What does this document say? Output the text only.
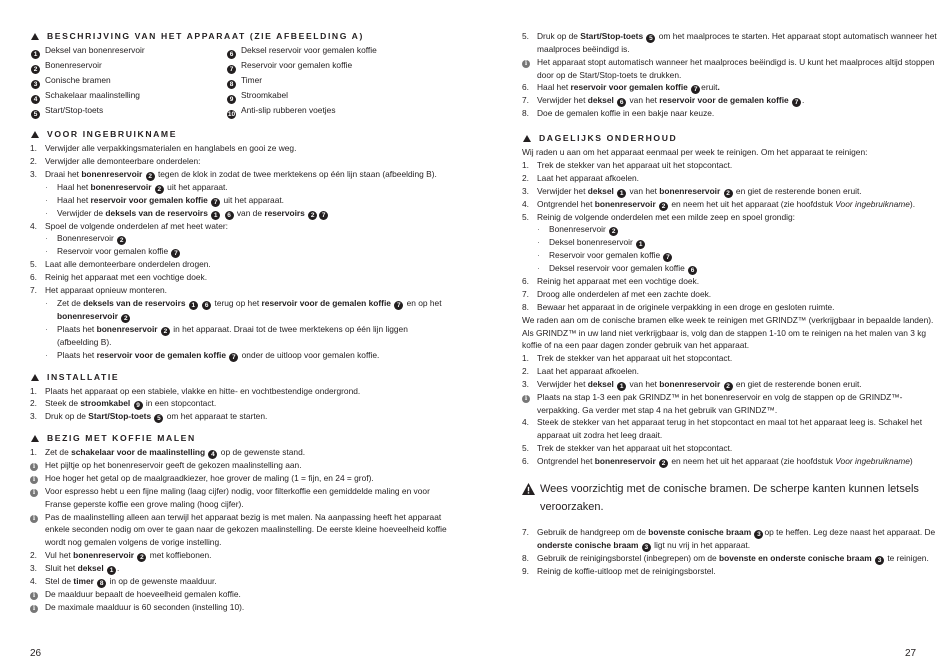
BESCHRIJVING VAN HET APPARAAT (ZIE AFBEELDING A)
1 Deksel van bonenreservoir	6 Deksel reservoir voor gemalen koffie
2 Bonenreservoir	7 Reservoir voor gemalen koffie
3 Conische bramen	8 Timer
4 Schakelaar maalinstelling	9 Stroomkabel
5 Start/Stop-toets	10 Anti-slip rubberen voetjes
VOOR INGEBRUIKNAME
1. Verwijder alle verpakkingsmaterialen en hanglabels en gooi ze weg.
2. Verwijder alle demonteerbare onderdelen:
3. Draai het bonenreservoir 2 tegen de klok in zodat de twee merktekens op één lijn staan (afbeelding B).
·	Haal het bonenreservoir 2 uit het apparaat.
·	Haal het reservoir voor gemalen koffie 7 uit het apparaat.
·	Verwijder de deksels van de reservoirs 1 6 van de reservoirs 2 7
4. Spoel de volgende onderdelen af met heet water:
·	Bonenreservoir 2
·	Reservoir voor gemalen koffie 7
5. Laat alle demonteerbare onderdelen drogen.
6. Reinig het apparaat met een vochtige doek.
7. Het apparaat opnieuw monteren.
·	Zet de deksels van de reservoirs 1 6 terug op het reservoir voor de gemalen koffie 7 en op het bonenreservoir 2
·	Plaats het bonenreservoir 2 in het apparaat. Draai tot de twee merktekens op één lijn liggen (afbeelding B).
·	Plaats het reservoir voor de gemalen koffie 7 onder de uitloop voor gemalen koffie.
INSTALLATIE
1. Plaats het apparaat op een stabiele, vlakke en hitte- en vochtbestendige ondergrond.
2. Steek de stroomkabel 9 in een stopcontact.
3. Druk op de Start/Stop-toets 5 om het apparaat te starten.
BEZIG MET KOFFIE MALEN
1. Zet de schakelaar voor de maalinstelling 4 op de gewenste stand.
i	Het pijltje op het bonenreservoir geeft de gekozen maalinstelling aan.
i	Hoe hoger het getal op de maalgraadkiezer, hoe grover de maling (1 = fijn, en 24 = grof).
i	Voor espresso hebt u een fijne maling (laag cijfer) nodig, voor filterkoffie een gemiddelde maling en voor Franse geperste koffie een grove maling (hoog cijfer).
i	Pas de maalinstelling alleen aan terwijl het apparaat bezig is met malen. Na aanpassing heeft het apparaat enkele seconden nodig om over te gaan naar de gekozen maalinstelling. De eerste kleine hoeveelheid koffie wordt nog gemalen volgens de vorige instelling.
2. Vul het bonenreservoir 2 met koffiebonen.
3. Sluit het deksel 1 .
4. Stel de timer 8 in op de gewenste maalduur.
i	De maalduur bepaalt de hoeveelheid gemalen koffie.
i	De maximale maalduur is 60 seconden (instelling 10).
26
5. Druk op de Start/Stop-toets 5 om het maalproces te starten. Het apparaat stopt automatisch wanneer het maalproces beëindigd is.
i	Het apparaat stopt automatisch wanneer het maalproces beëindigd is. U kunt het maalproces altijd stoppen door op de Start/Stop-toets te drukken.
6. Haal het reservoir voor gemalen koffie 7 eruit.
7. Verwijder het deksel 6 van het reservoir voor de gemalen koffie 7 .
8. Doe de gemalen koffie in een bakje naar keuze.
DAGELIJKS ONDERHOUD
Wij raden u aan om het apparaat eenmaal per week te reinigen. Om het apparaat te reinigen:
1. Trek de stekker van het apparaat uit het stopcontact.
2. Laat het apparaat afkoelen.
3. Verwijder het deksel 1 van het bonenreservoir 2 en giet de resterende bonen eruit.
4. Ontgrendel het bonenreservoir 2 en neem het uit het apparaat (zie hoofdstuk Voor ingebruikname).
5. Reinig de volgende onderdelen met een milde zeep en spoel grondig:
·	Bonenreservoir 2
·	Deksel bonenreservoir 1
·	Reservoir voor gemalen koffie 7
·	Deksel reservoir voor gemalen koffie 6
6. Reinig het apparaat met een vochtige doek.
7. Droog alle onderdelen af met een zachte doek.
8. Bewaar het apparaat in de originele verpakking in een droge en gesloten ruimte.
We raden aan om de conische bramen elke week te reinigen met GRINDZ™ (verkrijgbaar in bepaalde landen). Als GRINDZ™ in uw land niet verkrijgbaar is, volg dan de stappen 1-10 om te reinigen na het malen van 3 kg koffie of na een paar dagen zonder gebruik van het apparaat.
1. Trek de stekker van het apparaat uit het stopcontact.
2. Laat het apparaat afkoelen.
3. Verwijder het deksel 1 van het bonenreservoir 2 en giet de resterende bonen eruit.
i	Plaats na stap 1-3 een pak GRINDZ™ in het bonenreservoir en volg de stappen op de GRINDZ™-verpakking. Ga verder met stap 4 na het gebruik van GRINDZ™.
4. Steek de stekker van het apparaat terug in het stopcontact en maal tot het apparaat leeg is. Schakel het apparaat uit zodra het leeg draait.
5. Trek de stekker van het apparaat uit het stopcontact.
6. Ontgrendel het bonenreservoir 2 en neem het uit het apparaat (zie hoofdstuk Voor ingebruikname)
Wees voorzichtig met de conische bramen. De scherpe kanten kunnen letsels veroorzaken.
7. Gebruik de handgreep om de bovenste conische braam 3 op te heffen. Leg deze naast het apparaat. De onderste conische braam 3 ligt nu vrij in het apparaat.
8. Gebruik de reinigingsborstel (inbegrepen) om de bovenste en onderste conische braam 3 te reinigen.
9. Reinig de koffie-uitloop met de reinigingsborstel.
27
